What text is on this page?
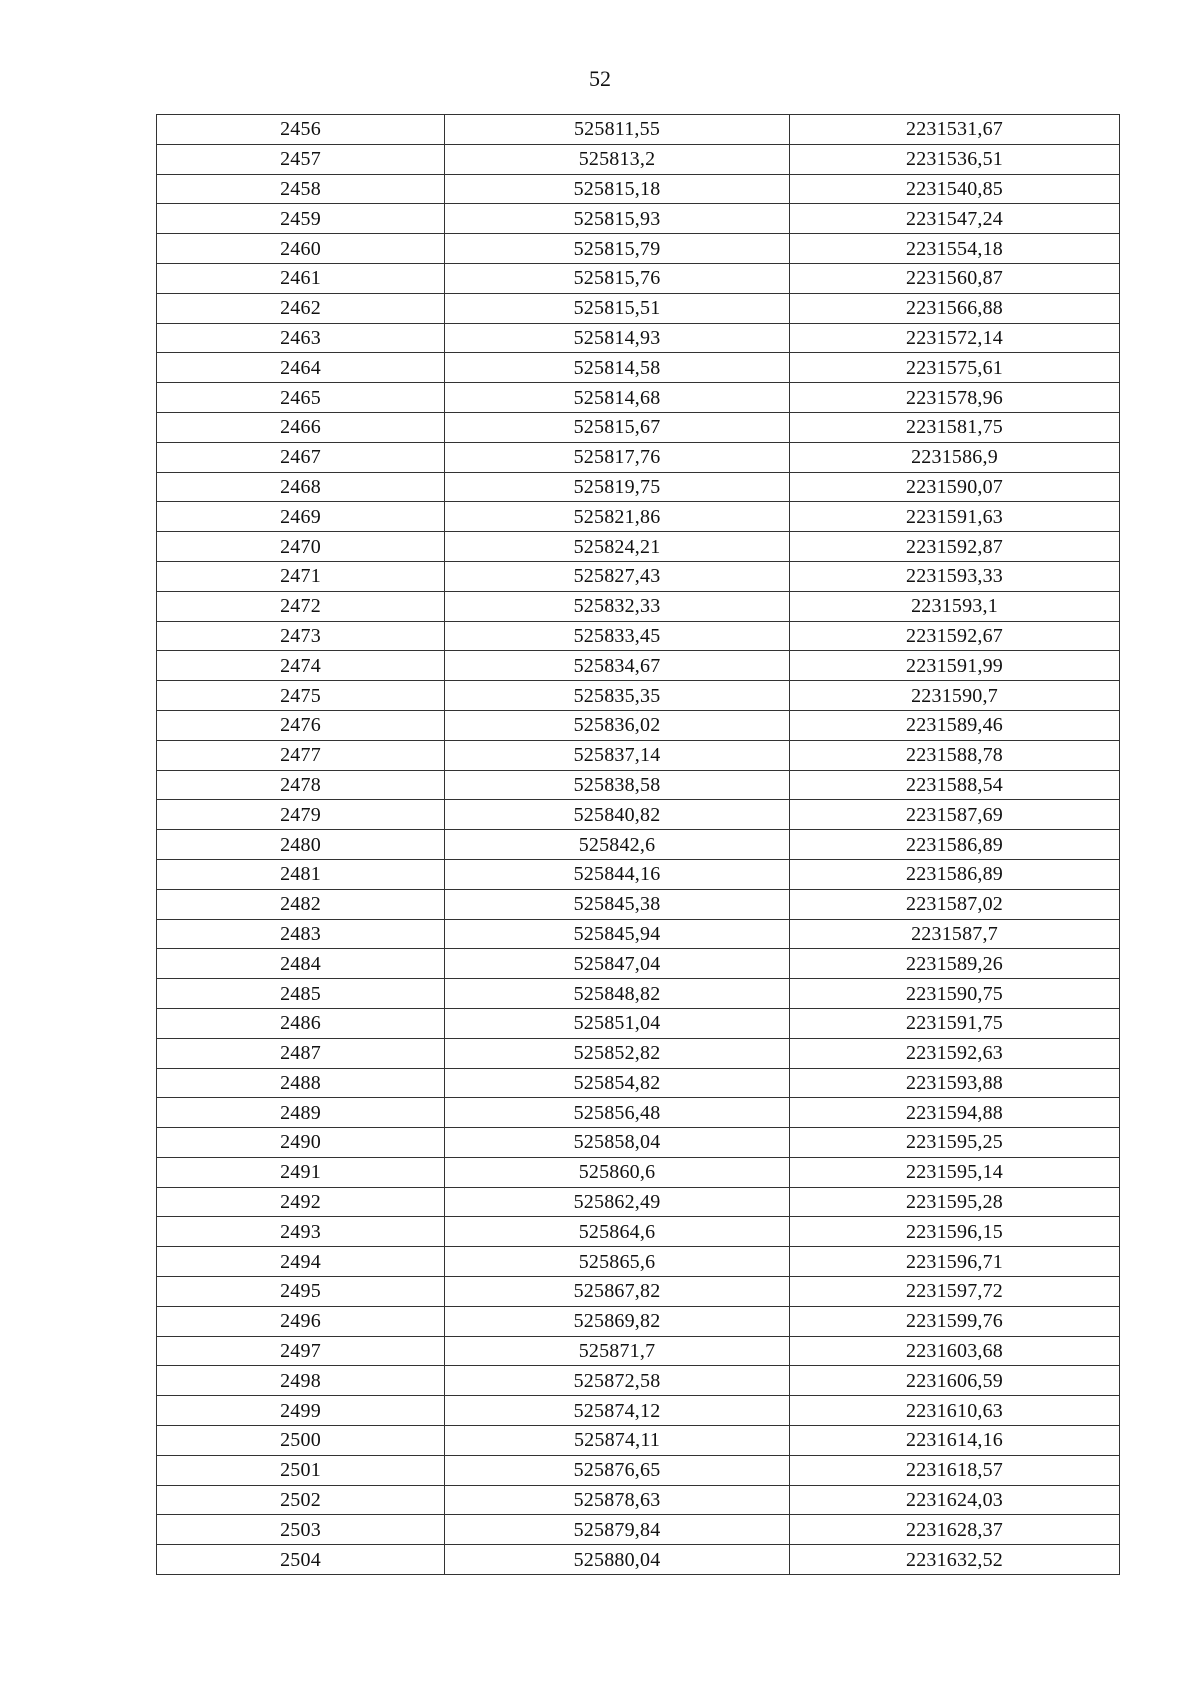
52
2456	525811,55	2231531,67
2457	525813,2	2231536,51
2458	525815,18	2231540,85
2459	525815,93	2231547,24
2460	525815,79	2231554,18
2461	525815,76	2231560,87
2462	525815,51	2231566,88
2463	525814,93	2231572,14
2464	525814,58	2231575,61
2465	525814,68	2231578,96
2466	525815,67	2231581,75
2467	525817,76	2231586,9
2468	525819,75	2231590,07
2469	525821,86	2231591,63
2470	525824,21	2231592,87
2471	525827,43	2231593,33
2472	525832,33	2231593,1
2473	525833,45	2231592,67
2474	525834,67	2231591,99
2475	525835,35	2231590,7
2476	525836,02	2231589,46
2477	525837,14	2231588,78
2478	525838,58	2231588,54
2479	525840,82	2231587,69
2480	525842,6	2231586,89
2481	525844,16	2231586,89
2482	525845,38	2231587,02
2483	525845,94	2231587,7
2484	525847,04	2231589,26
2485	525848,82	2231590,75
2486	525851,04	2231591,75
2487	525852,82	2231592,63
2488	525854,82	2231593,88
2489	525856,48	2231594,88
2490	525858,04	2231595,25
2491	525860,6	2231595,14
2492	525862,49	2231595,28
2493	525864,6	2231596,15
2494	525865,6	2231596,71
2495	525867,82	2231597,72
2496	525869,82	2231599,76
2497	525871,7	2231603,68
2498	525872,58	2231606,59
2499	525874,12	2231610,63
2500	525874,11	2231614,16
2501	525876,65	2231618,57
2502	525878,63	2231624,03
2503	525879,84	2231628,37
2504	525880,04	2231632,52
